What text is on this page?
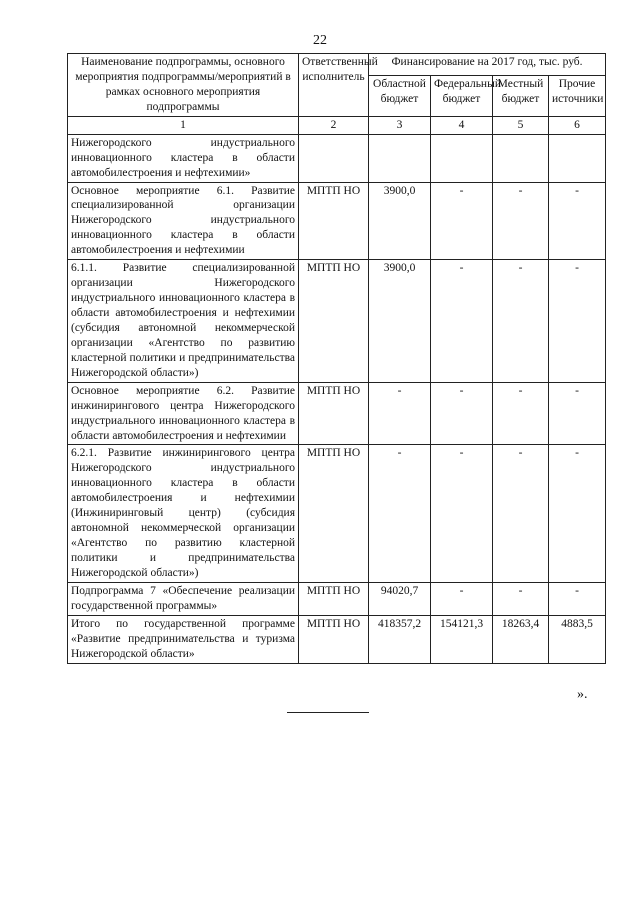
22
Наименование подпрограммы, основного мероприятия подпрограммы/мероприятий в рамках основного мероприятия подпрограммы	Ответственный исполнитель	Финансирование на 2017 год, тыс. руб.			
		Областной бюджет	Федеральный бюджет	Местный бюджет	Прочие источники
1	2	3	4	5	6
Нижегородского индустриального инновационного кластера в области автомобилестроения и нефтехимии»					
Основное мероприятие 6.1. Развитие специализированной организации Нижегородского индустриального инновационного кластера в области автомобилестроения и нефтехимии	МПТП НО	3900,0	-	-	-
6.1.1. Развитие специализированной организации Нижегородского индустриального инновационного кластера в области автомобилестроения и нефтехимии (субсидия автономной некоммерческой организации «Агентство по развитию кластерной политики и предпринимательства Нижегородской области»)	МПТП НО	3900,0	-	-	-
Основное мероприятие 6.2. Развитие инжинирингового центра Нижегородского индустриального инновационного кластера в области автомобилестроения и нефтехимии	МПТП НО	-	-	-	-
6.2.1. Развитие инжинирингового центра Нижегородского индустриального инновационного кластера в области автомобилестроения и нефтехимии (Инжиниринговый центр) (субсидия автономной некоммерческой организации «Агентство по развитию кластерной политики и предпринимательства Нижегородской области»)	МПТП НО	-	-	-	-
Подпрограмма 7 «Обеспечение реализации государственной программы»	МПТП НО	94020,7	-	-	-
Итого по государственной программе «Развитие предпринимательства и туризма Нижегородской области»	МПТП НО	418357,2	154121,3	18263,4	4883,5
».
